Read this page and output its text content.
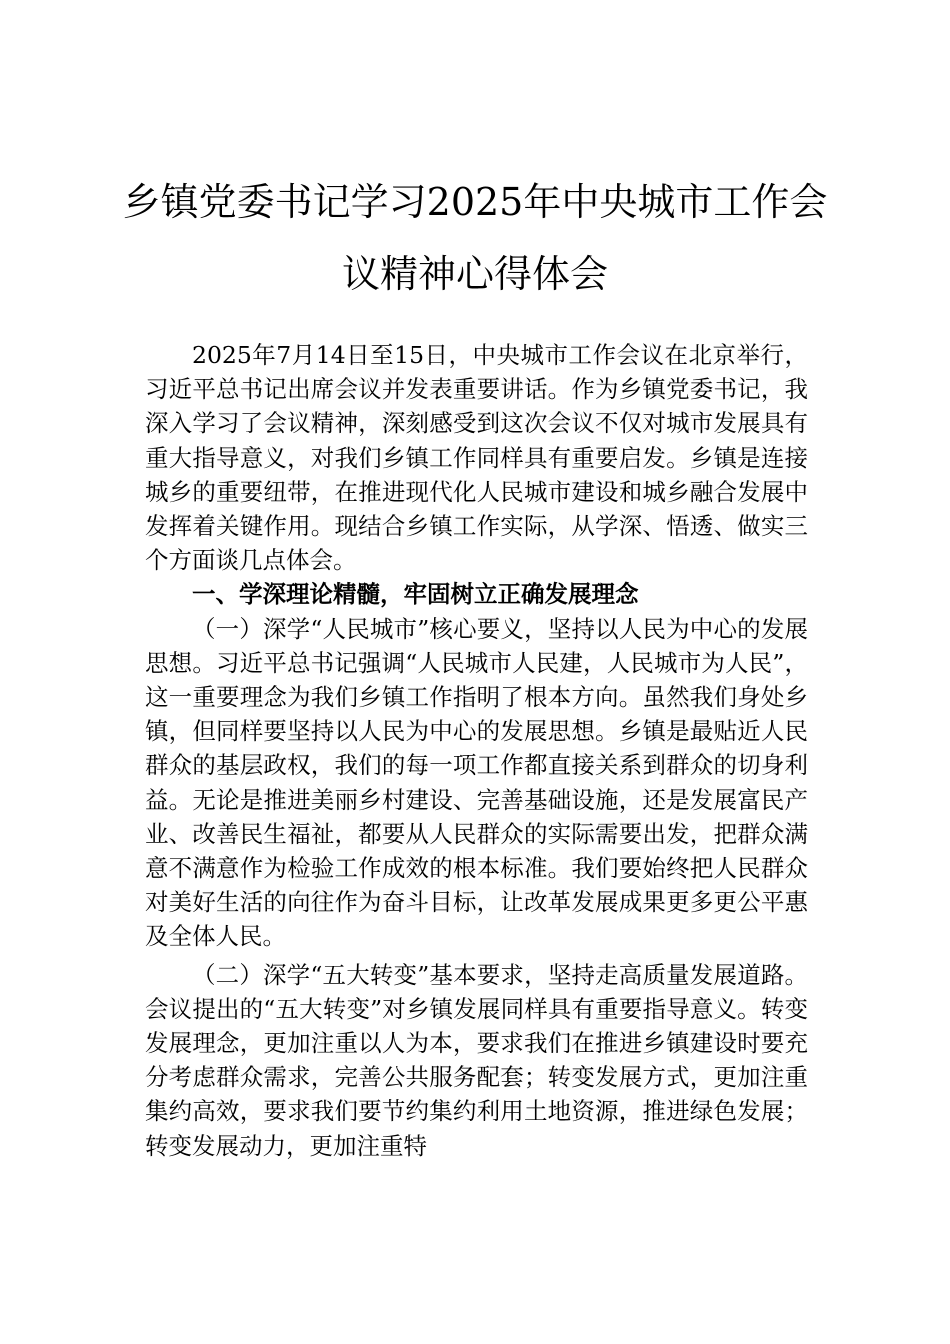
乡镇党委书记学习2025年中央城市工作会
议精神心得体会

2025年7月14日至15日，中央城市工作会议在北京举行，习近平总书记出席会议并发表重要讲话。作为乡镇党委书记，我深入学习了会议精神，深刻感受到这次会议不仅对城市发展具有重大指导意义，对我们乡镇工作同样具有重要启发。乡镇是连接城乡的重要纽带，在推进现代化人民城市建设和城乡融合发展中发挥着关键作用。现结合乡镇工作实际，从学深、悟透、做实三个方面谈几点体会。

一、学深理论精髓，牢固树立正确发展理念

（一）深学“人民城市”核心要义，坚持以人民为中心的发展思想。习近平总书记强调“人民城市人民建，人民城市为人民”，这一重要理念为我们乡镇工作指明了根本方向。虽然我们身处乡镇，但同样要坚持以人民为中心的发展思想。乡镇是最贴近人民群众的基层政权，我们的每一项工作都直接关系到群众的切身利益。无论是推进美丽乡村建设、完善基础设施，还是发展富民产业、改善民生福祉，都要从人民群众的实际需要出发，把群众满意不满意作为检验工作成效的根本标准。我们要始终把人民群众对美好生活的向往作为奋斗目标，让改革发展成果更多更公平惠及全体人民。

（二）深学“五大转变”基本要求，坚持走高质量发展道路。会议提出的“五大转变”对乡镇发展同样具有重要指导意义。转变发展理念，更加注重以人为本，要求我们在推进乡镇建设时要充分考虑群众需求，完善公共服务配套；转变发展方式，更加注重集约高效，要求我们要节约集约利用土地资源，推进绿色发展；转变发展动力，更加注重特
